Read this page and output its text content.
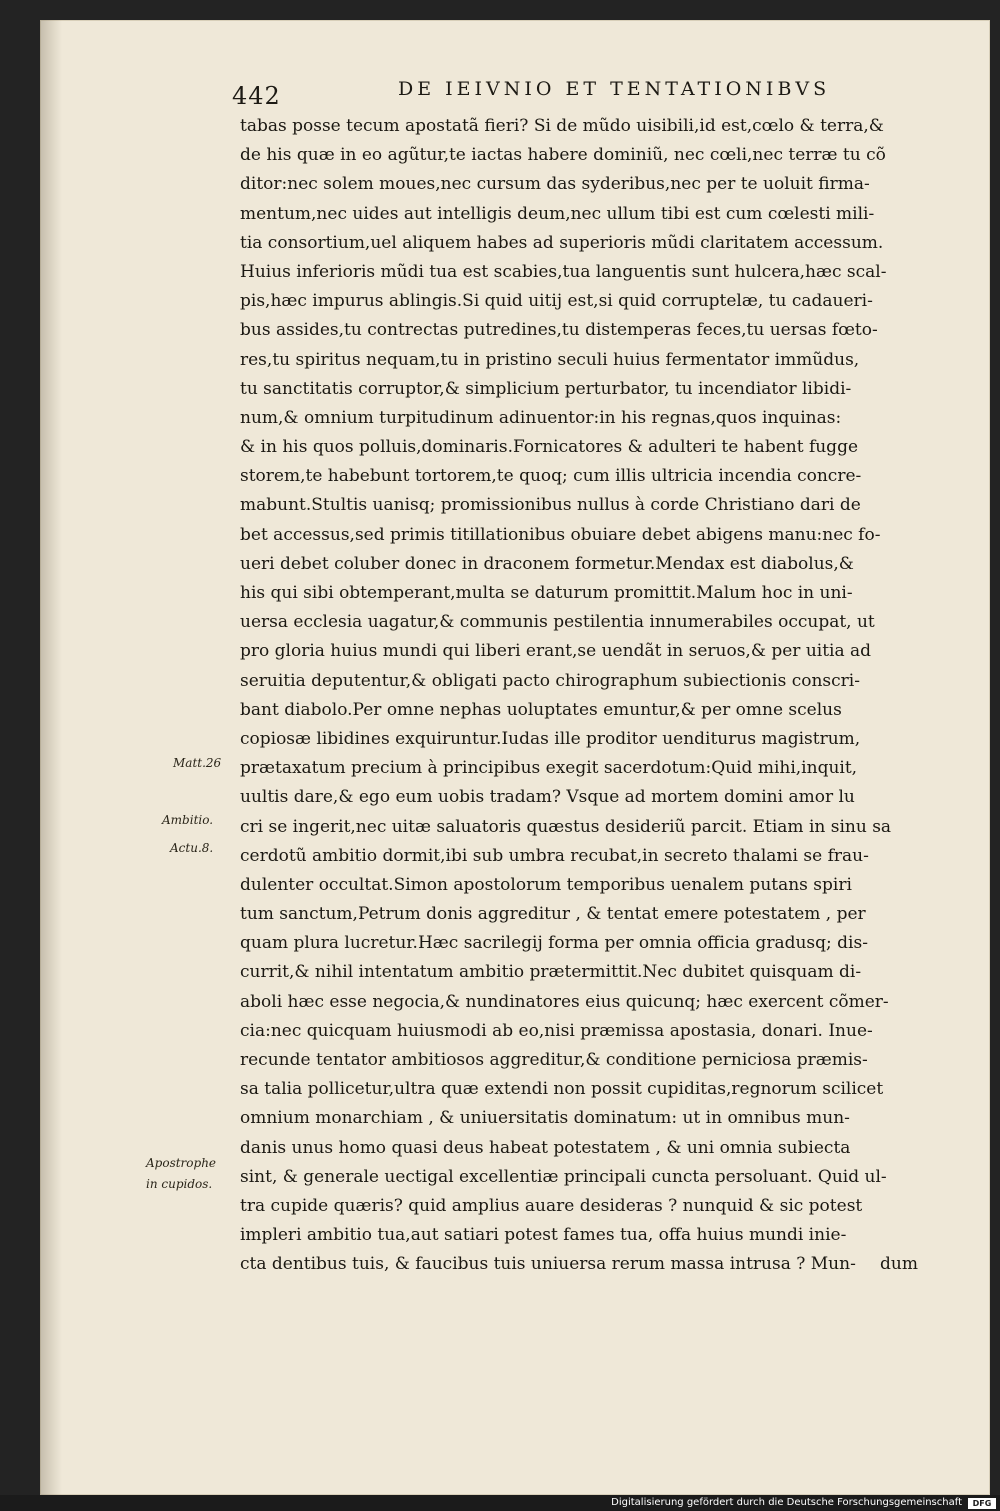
442	DE IEIVNIO ET TENTATIONIBVS
tabas posse tecum apostatã fieri? Si de mũdo uisibili,id est,cœlo & terra,&
de his quæ in eo agũtur,te iactas habere dominiũ, nec cœli,nec terræ tu cõ
ditor:nec solem moues,nec cursum das syderibus,nec per te uoluit firma-
mentum,nec uides aut intelligis deum,nec ullum tibi est cum cœlesti mili-
tia consortium,uel aliquem habes ad superioris mũdi claritatem accessum.
Huius inferioris mũdi tua est scabies,tua languentis sunt hulcera,hæc scal-
pis,hæc impurus ablingis.Si quid uitij est,si quid corruptelæ, tu cadaueri-
bus assides,tu contrectas putredines,tu distemperas feces,tu uersas fœto-
res,tu spiritus nequam,tu in pristino seculi huius fermentator immũdus,
tu sanctitatis corruptor,& simplicium perturbator, tu incendiator libidi-
num,& omnium turpitudinum adinuentor:in his regnas,quos inquinas:
& in his quos polluis,dominaris.Fornicatores & adulteri te habent fugge
storem,te habebunt tortorem,te quoq; cum illis ultricia incendia concre-
mabunt.Stultis uanisq; promissionibus nullus à corde Christiano dari de
bet accessus,sed primis titillationibus obuiare debet abigens manu:nec fo-
ueri debet coluber donec in draconem formetur.Mendax est diabolus,&
his qui sibi obtemperant,multa se daturum promittit.Malum hoc in uni-
uersa ecclesia uagatur,& communis pestilentia innumerabiles occupat, ut
pro gloria huius mundi qui liberi erant,se uendãt in seruos,& per uitia ad
seruitia deputentur,& obligati pacto chirographum subiectionis conscri-
bant diabolo.Per omne nephas uoluptates emuntur,& per omne scelus
copiosæ libidines exquiruntur.Iudas ille proditor uenditurus magistrum,
prætaxatum precium à principibus exegit sacerdotum:Quid mihi,inquit,
uultis dare,& ego eum uobis tradam? Vsque ad mortem domini amor lu
cri se ingerit,nec uitæ saluatoris quæstus desideriũ parcit. Etiam in sinu sa
cerdotũ ambitio dormit,ibi sub umbra recubat,in secreto thalami se frau-
dulenter occultat.Simon apostolorum temporibus uenalem putans spiri
tum sanctum,Petrum donis aggreditur , & tentat emere potestatem , per
quam plura lucretur.Hæc sacrilegij forma per omnia officia gradusq; dis-
currit,& nihil intentatum ambitio prætermittit.Nec dubitet quisquam di-
aboli hæc esse negocia,& nundinatores eius quicunq; hæc exercent cõmer-
cia:nec quicquam huiusmodi ab eo,nisi præmissa apostasia, donari. Inue-
recunde tentator ambitiosos aggreditur,& conditione perniciosa præmis-
sa talia pollicetur,ultra quæ extendi non possit cupiditas,regnorum scilicet
omnium monarchiam , & uniuersitatis dominatum: ut in omnibus mun-
danis unus homo quasi deus habeat potestatem , & uni omnia subiecta
sint, & generale uectigal excellentiæ principali cuncta persoluant. Quid ul-
tra cupide quæris? quid amplius auare desideras ? nunquid & sic potest
impleri ambitio tua,aut satiari potest fames tua, offa huius mundi inie-
cta dentibus tuis, & faucibus tuis uniuersa rerum massa intrusa ? Mun-	dum
Matt.26
Ambitio.
Actu.8.
Apostrophe
in cupidos.
Digitalisierung gefördert durch die Deutsche Forschungsgemeinschaft	DFG
